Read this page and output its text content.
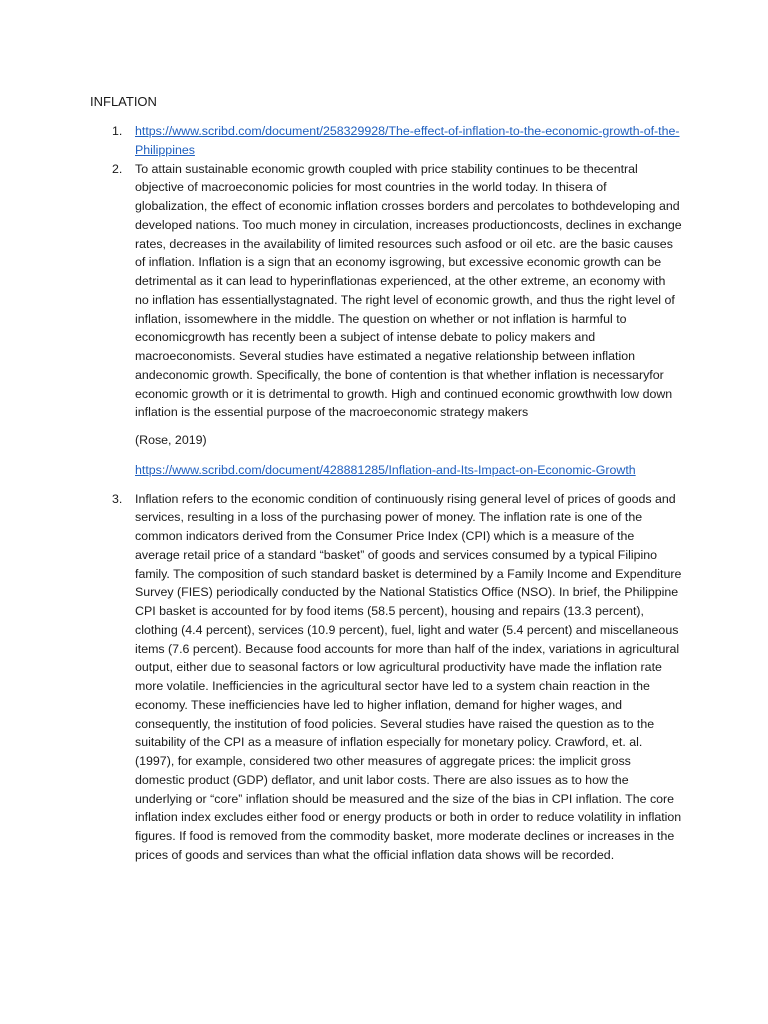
INFLATION
1. https://www.scribd.com/document/258329928/The-effect-of-inflation-to-the-economic-growth-of-the-Philippines
2. To attain sustainable economic growth coupled with price stability continues to be thecentral objective of macroeconomic policies for most countries in the world today. In thisera of globalization, the effect of economic inflation crosses borders and percolates to bothdeveloping and developed nations. Too much money in circulation, increases productioncosts, declines in exchange rates, decreases in the availability of limited resources such asfood or oil etc. are the basic causes of inflation. Inflation is a sign that an economy isgrowing, but excessive economic growth can be detrimental as it can lead to hyperinflationas experienced, at the other extreme, an economy with no inflation has essentiallystagnated. The right level of economic growth, and thus the right level of inflation, issomewhere in the middle. The question on whether or not inflation is harmful to economicgrowth has recently been a subject of intense debate to policy makers and macroeconomists. Several studies have estimated a negative relationship between inflation andeconomic growth. Specifically, the bone of contention is that whether inflation is necessaryfor economic growth or it is detrimental to growth. High and continued economic growthwith low down inflation is the essential purpose of the macroeconomic strategy makers

(Rose, 2019)

https://www.scribd.com/document/428881285/Inflation-and-Its-Impact-on-Economic-Growth
3. Inflation refers to the economic condition of continuously rising general level of prices of goods and services, resulting in a loss of the purchasing power of money. The inflation rate is one of the common indicators derived from the Consumer Price Index (CPI) which is a measure of the average retail price of a standard “basket” of goods and services consumed by a typical Filipino family. The composition of such standard basket is determined by a Family Income and Expenditure Survey (FIES) periodically conducted by the National Statistics Office (NSO). In brief, the Philippine CPI basket is accounted for by food items (58.5 percent), housing and repairs (13.3 percent), clothing (4.4 percent), services (10.9 percent), fuel, light and water (5.4 percent) and miscellaneous items (7.6 percent). Because food accounts for more than half of the index, variations in agricultural output, either due to seasonal factors or low agricultural productivity have made the inflation rate more volatile. Inefficiencies in the agricultural sector have led to a system chain reaction in the economy. These inefficiencies have led to higher inflation, demand for higher wages, and consequently, the institution of food policies. Several studies have raised the question as to the suitability of the CPI as a measure of inflation especially for monetary policy. Crawford, et. al. (1997), for example, considered two other measures of aggregate prices: the implicit gross domestic product (GDP) deflator, and unit labor costs. There are also issues as to how the underlying or “core” inflation should be measured and the size of the bias in CPI inflation. The core inflation index excludes either food or energy products or both in order to reduce volatility in inflation figures. If food is removed from the commodity basket, more moderate declines or increases in the prices of goods and services than what the official inflation data shows will be recorded.
